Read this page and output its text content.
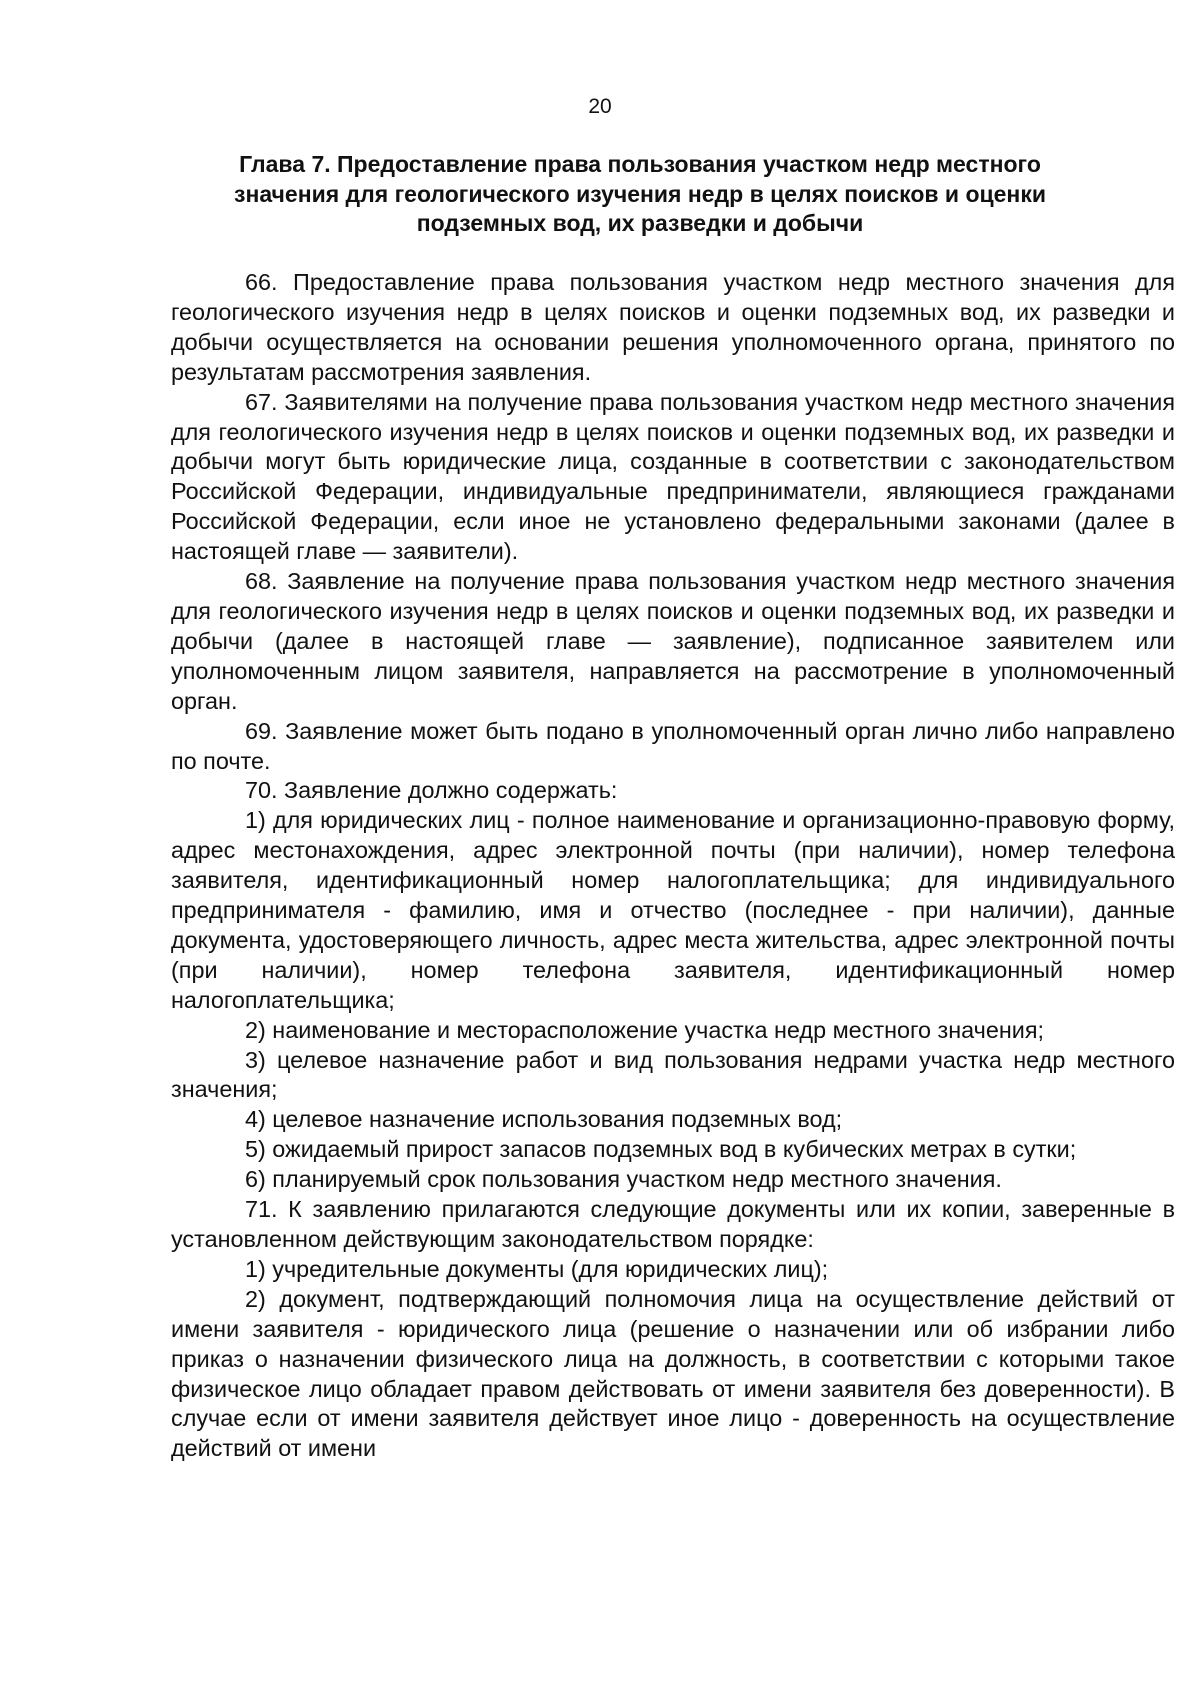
20
Глава 7. Предоставление права пользования участком недр местного значения для геологического изучения недр в целях поисков и оценки подземных вод, их разведки и добычи

66. Предоставление права пользования участком недр местного значения для геологического изучения недр в целях поисков и оценки подземных вод, их разведки и добычи осуществляется на основании решения уполномоченного органа, принятого по результатам рассмотрения заявления.

67. Заявителями на получение права пользования участком недр местного значения для геологического изучения недр в целях поисков и оценки подземных вод, их разведки и добычи могут быть юридические лица, созданные в соответствии с законодательством Российской Федерации, индивидуальные предприниматели, являющиеся гражданами Российской Федерации, если иное не установлено федеральными законами (далее в настоящей главе — заявители).

68. Заявление на получение права пользования участком недр местного значения для геологического изучения недр в целях поисков и оценки подземных вод, их разведки и добычи (далее в настоящей главе — заявление), подписанное заявителем или уполномоченным лицом заявителя, направляется на рассмотрение в уполномоченный орган.

69. Заявление может быть подано в уполномоченный орган лично либо направлено по почте.

70. Заявление должно содержать:

1) для юридических лиц - полное наименование и организационно-правовую форму, адрес местонахождения, адрес электронной почты (при наличии), номер телефона заявителя, идентификационный номер налогоплательщика; для индивидуального предпринимателя - фамилию, имя и отчество (последнее - при наличии), данные документа, удостоверяющего личность, адрес места жительства, адрес электронной почты (при наличии), номер телефона заявителя, идентификационный номер налогоплательщика;

2) наименование и месторасположение участка недр местного значения;

3) целевое назначение работ и вид пользования недрами участка недр местного значения;

4) целевое назначение использования подземных вод;

5) ожидаемый прирост запасов подземных вод в кубических метрах в сутки;

6) планируемый срок пользования участком недр местного значения.

71. К заявлению прилагаются следующие документы или их копии, заверенные в установленном действующим законодательством порядке:

1) учредительные документы (для юридических лиц);

2) документ, подтверждающий полномочия лица на осуществление действий от имени заявителя - юридического лица (решение о назначении или об избрании либо приказ о назначении физического лица на должность, в соответствии с которыми такое физическое лицо обладает правом действовать от имени заявителя без доверенности). В случае если от имени заявителя действует иное лицо - доверенность на осуществление действий от имени
